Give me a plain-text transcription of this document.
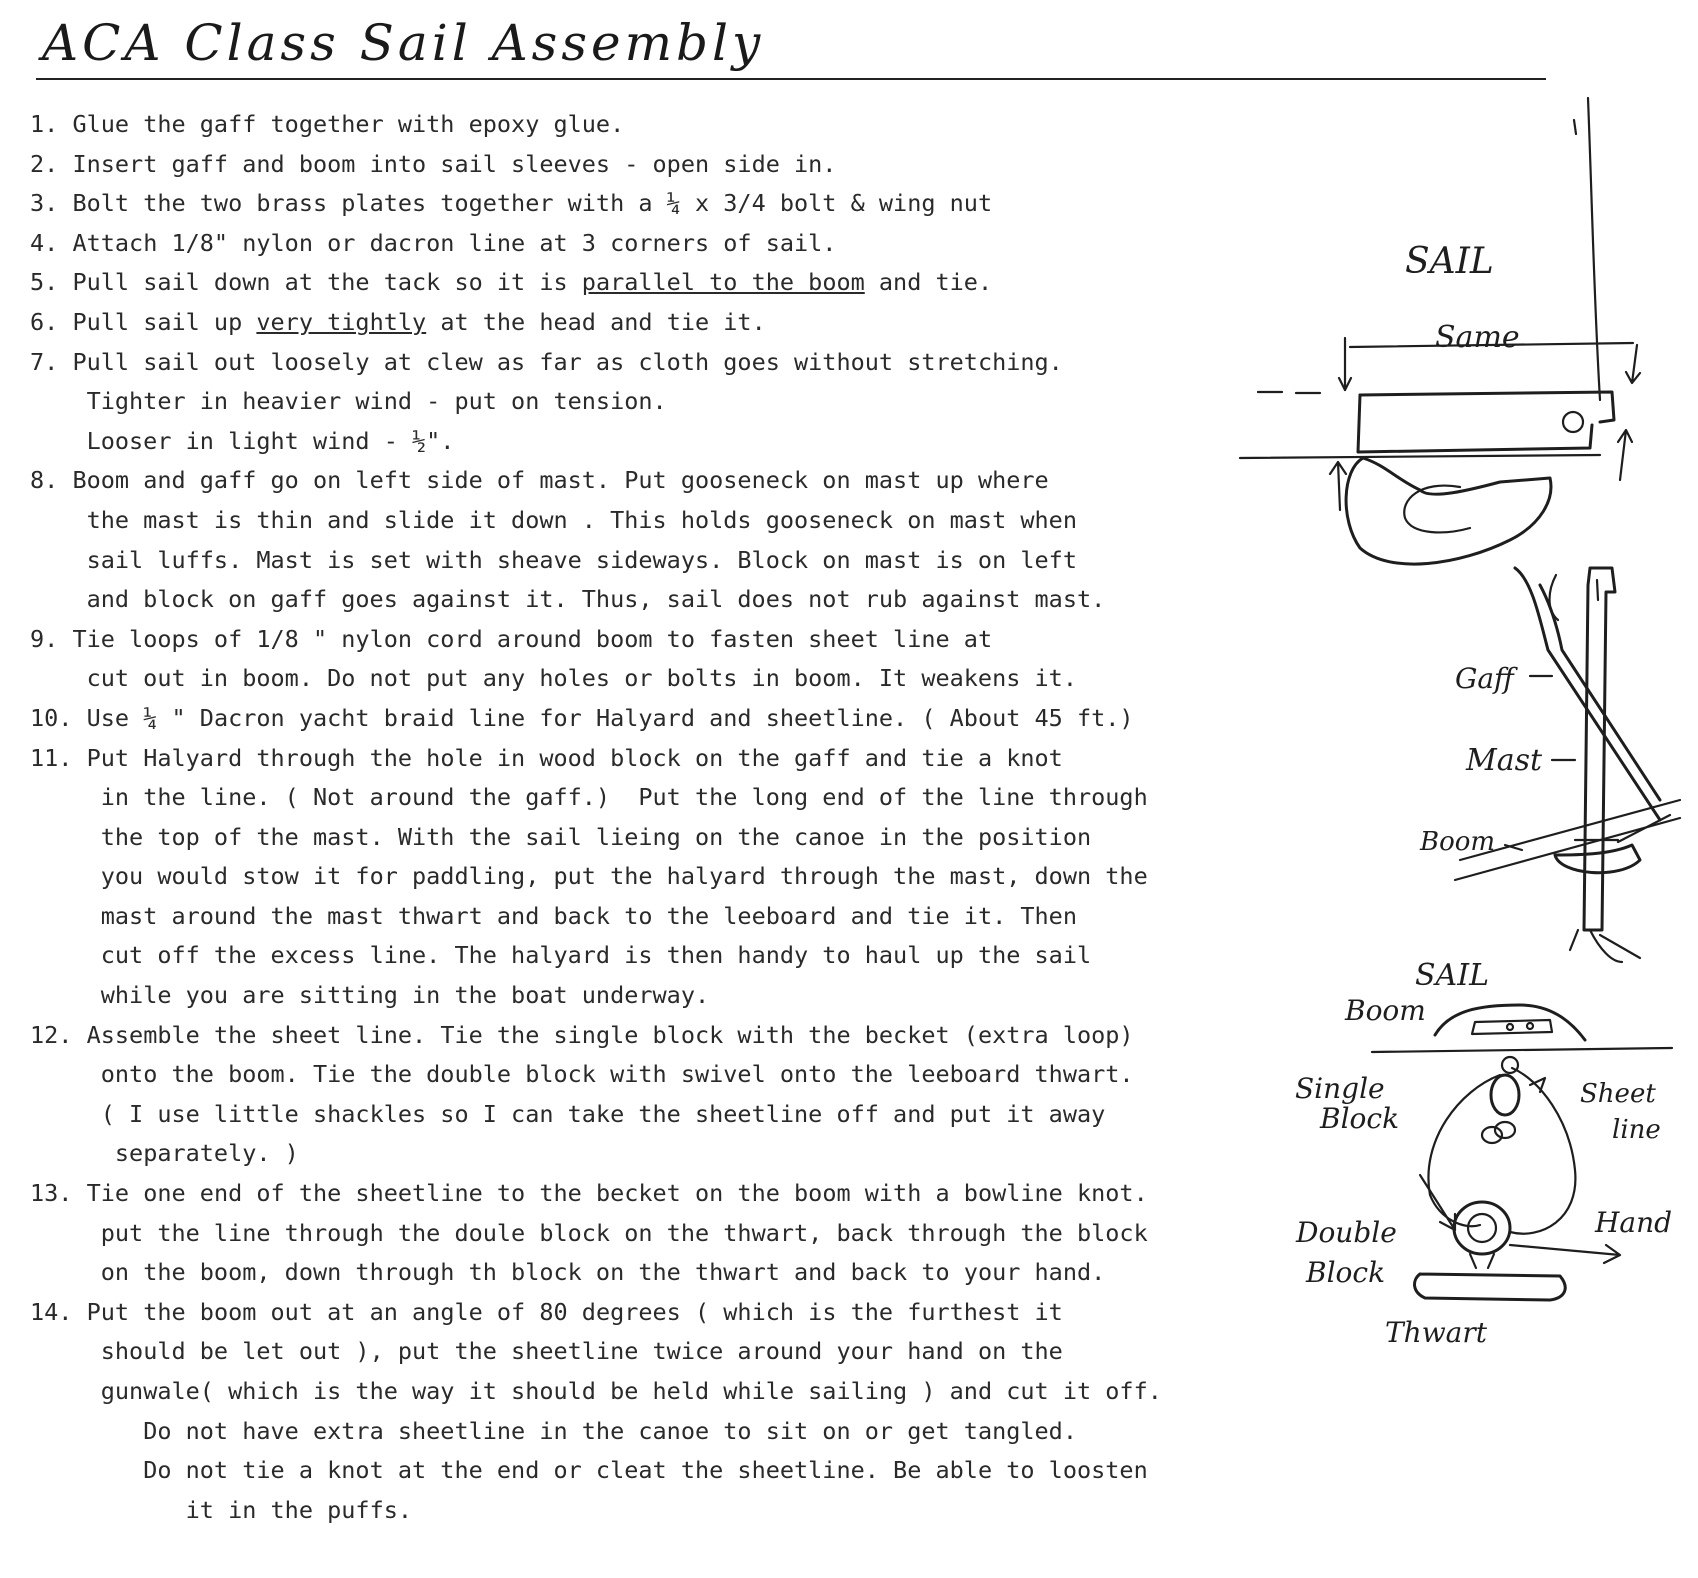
ACA Class Sail Assembly
1. Glue the gaff together with epoxy glue.
2. Insert gaff and boom into sail sleeves - open side in.
3. Bolt the two brass plates together with a ¼ x 3/4 bolt & wing nut
4. Attach 1/8" nylon or dacron line at 3 corners of sail.
5. Pull sail down at the tack so it is parallel to the boom and tie.
6. Pull sail up very tightly at the head and tie it.
7. Pull sail out loosely at clew as far as cloth goes without stretching.
Tighter in heavier wind - put on tension.
Looser in light wind - ½".
8. Boom and gaff go on left side of mast. Put gooseneck on mast up where
the mast is thin and slide it down . This holds gooseneck on mast when
sail luffs. Mast is set with sheave sideways. Block on mast is on left
and block on gaff goes against it. Thus, sail does not rub against mast.
9. Tie loops of 1/8 " nylon cord around boom to fasten sheet line at
cut out in boom. Do not put any holes or bolts in boom. It weakens it.
10. Use ¼ " Dacron yacht braid line for Halyard and sheetline. ( About 45 ft.)
11. Put Halyard through the hole in wood block on the gaff and tie a knot
in the line. ( Not around the gaff.)  Put the long end of the line through
the top of the mast. With the sail lieing on the canoe in the position
you would stow it for paddling, put the halyard through the mast, down the
mast around the mast thwart and back to the leeboard and tie it. Then
cut off the excess line. The halyard is then handy to haul up the sail
while you are sitting in the boat underway.
12. Assemble the sheet line. Tie the single block with the becket (extra loop)
onto the boom. Tie the double block with swivel onto the leeboard thwart.
( I use little shackles so I can take the sheetline off and put it away
separately. )
13. Tie one end of the sheetline to the becket on the boom with a bowline knot.
put the line through the doule block on the thwart, back through the block
on the boom, down through th block on the thwart and back to your hand.
14. Put the boom out at an angle of 80 degrees ( which is the furthest it
should be let out ), put the sheetline twice around your hand on the
gunwale( which is the way it should be held while sailing ) and cut it off.
Do not have extra sheetline in the canoe to sit on or get tangled.
Do not tie a knot at the end or cleat the sheetline. Be able to loosten
it in the puffs.
SAIL
Same
Gaff
Mast
Boom
SAIL
Boom
Single
Block
Sheet
line
Double
Block
Hand
Thwart
